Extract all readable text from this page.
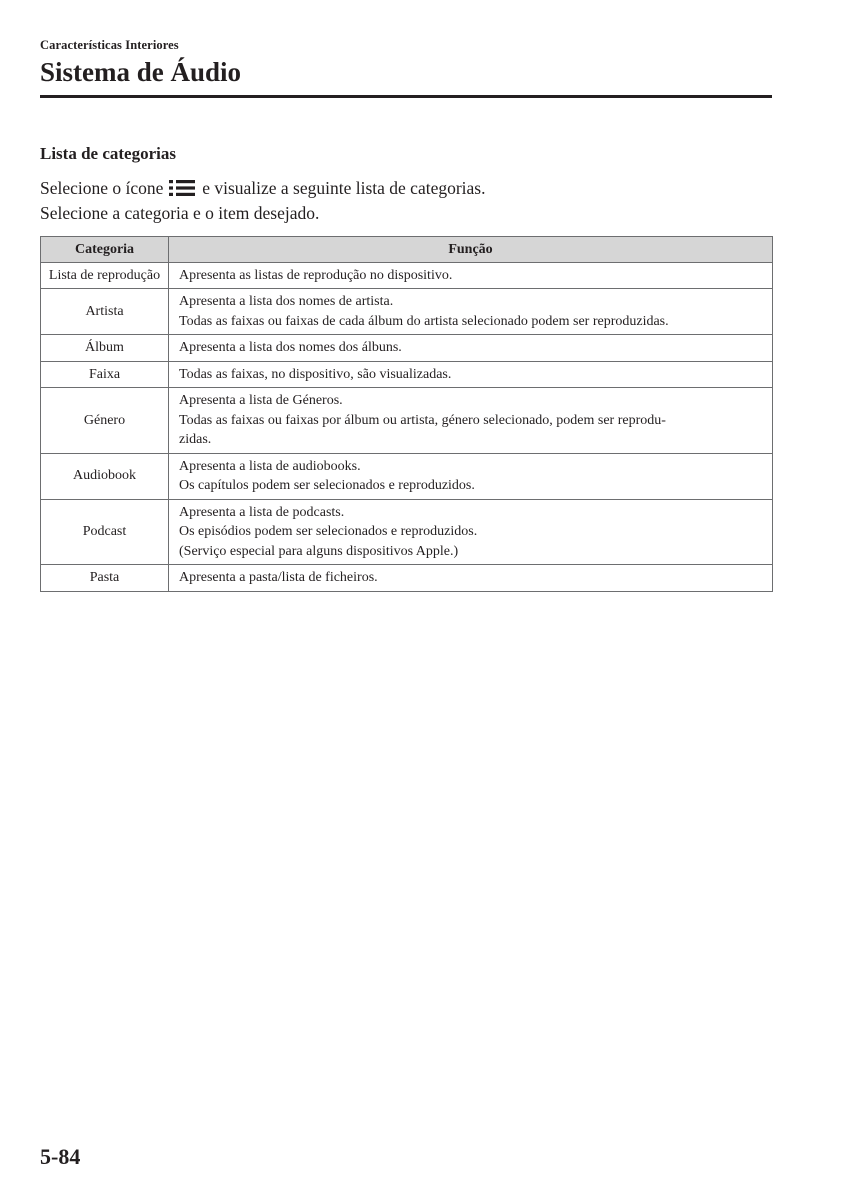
Características Interiores
Sistema de Áudio
Lista de categorias

Selecione o ícone e visualize a seguinte lista de categorias.

Selecione a categoria e o item desejado.

Categoria	Função
Lista de reprodução	Apresenta as listas de reprodução no dispositivo.

Artista	Apresenta a lista dos nomes de artista.
Todas as faixas ou faixas de cada álbum do artista selecionado podem ser reproduzidas.

Álbum	Apresenta a lista dos nomes dos álbuns.

Faixa	Todas as faixas, no dispositivo, são visualizadas.

Género	Apresenta a lista de Géneros.
Todas as faixas ou faixas por álbum ou artista, género selecionado, podem ser reprodu-
zidas.

Audiobook	Apresenta a lista de audiobooks.
Os capítulos podem ser selecionados e reproduzidos.

Podcast	Apresenta a lista de podcasts.
Os episódios podem ser selecionados e reproduzidos.
(Serviço especial para alguns dispositivos Apple.)

Pasta	Apresenta a pasta/lista de ficheiros.
5-84
